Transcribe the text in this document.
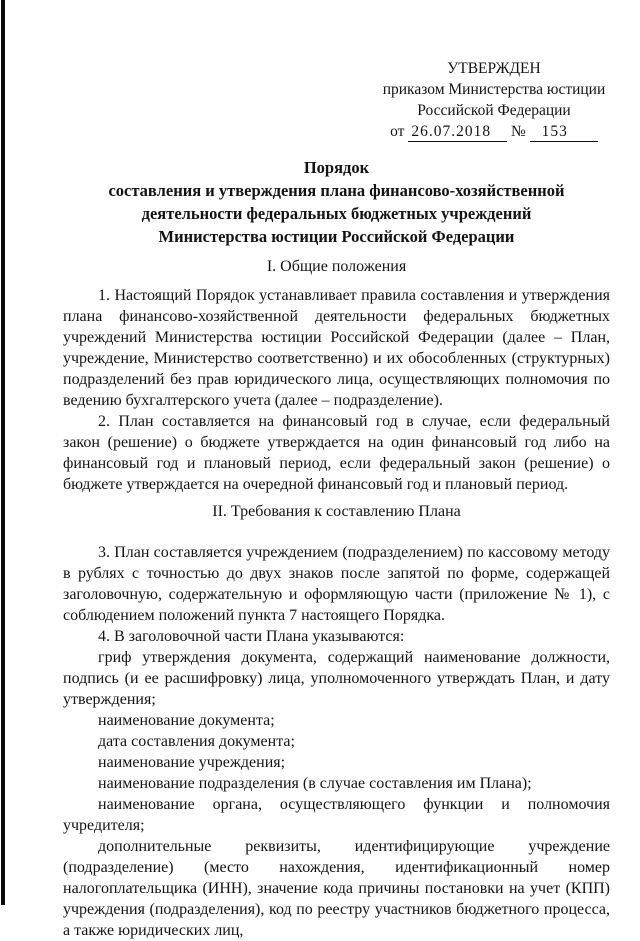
УТВЕРЖДЕН
приказом Министерства юстиции
Российской Федерации
от 26.07.2018 № 153
Порядок
составления и утверждения плана финансово-хозяйственной
деятельности федеральных бюджетных учреждений
Министерства юстиции Российской Федерации
I. Общие положения

1. Настоящий Порядок устанавливает правила составления и утверждения плана финансово-хозяйственной деятельности федеральных бюджетных учреждений Министерства юстиции Российской Федерации (далее – План, учреждение, Министерство соответственно) и их обособленных (структурных) подразделений без прав юридического лица, осуществляющих полномочия по ведению бухгалтерского учета (далее – подразделение).

2. План составляется на финансовый год в случае, если федеральный закон (решение) о бюджете утверждается на один финансовый год либо на финансовый год и плановый период, если федеральный закон (решение) о бюджете утверждается на очередной финансовый год и плановый период.

II. Требования к составлению Плана

3. План составляется учреждением (подразделением) по кассовому методу в рублях с точностью до двух знаков после запятой по форме, содержащей заголовочную, содержательную и оформляющую части (приложение № 1), с соблюдением положений пункта 7 настоящего Порядка.

4. В заголовочной части Плана указываются:

гриф утверждения документа, содержащий наименование должности, подпись (и ее расшифровку) лица, уполномоченного утверждать План, и дату утверждения;

наименование документа;

дата составления документа;

наименование учреждения;

наименование подразделения (в случае составления им Плана);

наименование органа, осуществляющего функции и полномочия учредителя;

дополнительные реквизиты, идентифицирующие учреждение (подразделение) (место нахождения, идентификационный номер налогоплательщика (ИНН), значение кода причины постановки на учет (КПП) учреждения (подразделения), код по реестру участников бюджетного процесса, а также юридических лиц,
